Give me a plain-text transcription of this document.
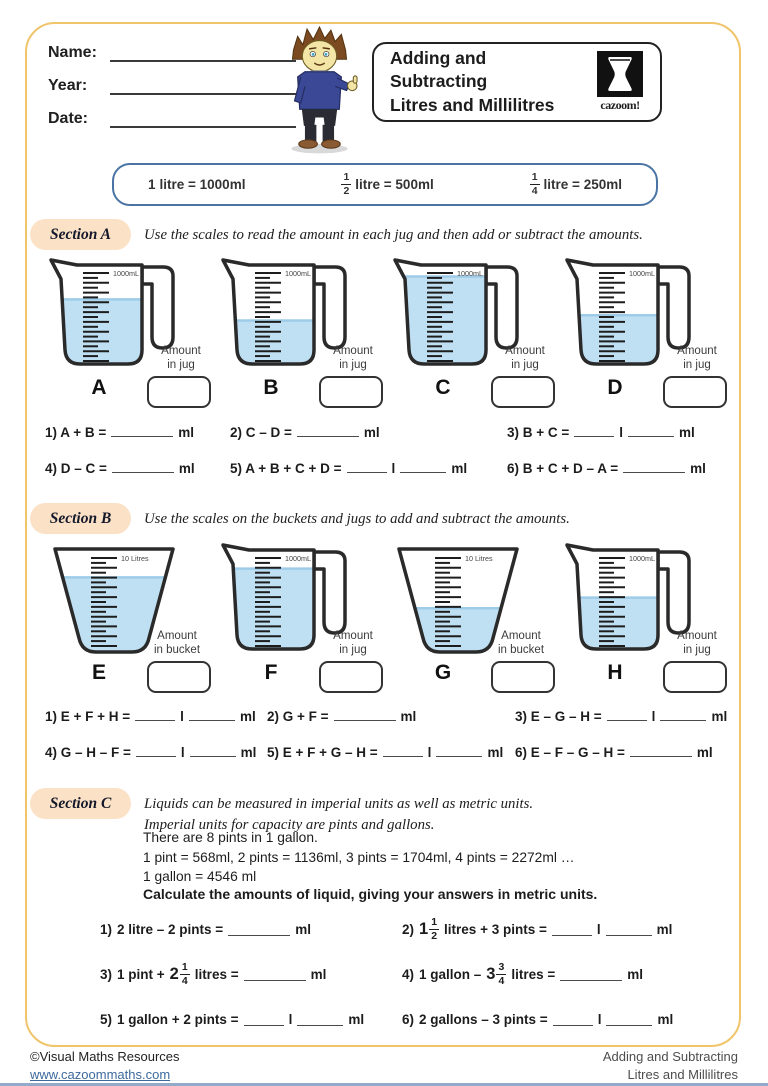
Name:
Year:
Date:
Adding and Subtracting
Litres and Millilitres	cazoom!
1 litre = 1000ml	$\frac{1}{2}$ litre = 500ml	$\frac{1}{4}$ litre = 250ml
Section A	Use the scales to read the amount in each jug and then add or subtract the amounts.
1000mL
Amount
in jug
A
1000mL
Amount
in jug
B
1000mL
Amount
in jug
C
1000mL
Amount
in jug
D
1) A + B =	ml	2) C – D =	ml	3) B + C =	l	ml
4) D – C =	ml	5) A + B + C + D =	l	ml	6) B + C + D – A =	ml
Section B	Use the scales on the buckets and jugs to add and subtract the amounts.
10 Litres
Amount
in bucket
E
1000mL
Amount
in jug
F
10 Litres
Amount
in bucket
G
1000mL
Amount
in jug
H
1) E + F + H =	l	ml 2) G + F =	ml	3) E – G – H =	l	ml
4) G – H – F =	l	ml 5) E + F + G – H =	l	ml 6) E – F – G – H =	ml
Section C	Liquids can be measured in imperial units as well as metric units.
Imperial units for capacity are pints and gallons.
There are 8 pints in 1 gallon.
1 pint = 568ml, 2 pints = 1136ml, 3 pints = 1704ml, 4 pints = 2272ml …
1 gallon = 4546 ml
Calculate the amounts of liquid, giving your answers in metric units.
1) 2 litre – 2 pints =	ml	2) $1 \frac{1}{2}$ litres + 3 pints =	l	ml
3) 1 pint + $2 \frac{1}{4}$ litres =	ml	4) 1 gallon – $3 \frac{3}{4}$ litres =	ml
5) 1 gallon + 2 pints =	l	ml	6) 2 gallons – 3 pints =	l	ml
©Visual Maths Resources
www.cazoommaths.com
Adding and Subtracting
Litres and Millilitres
